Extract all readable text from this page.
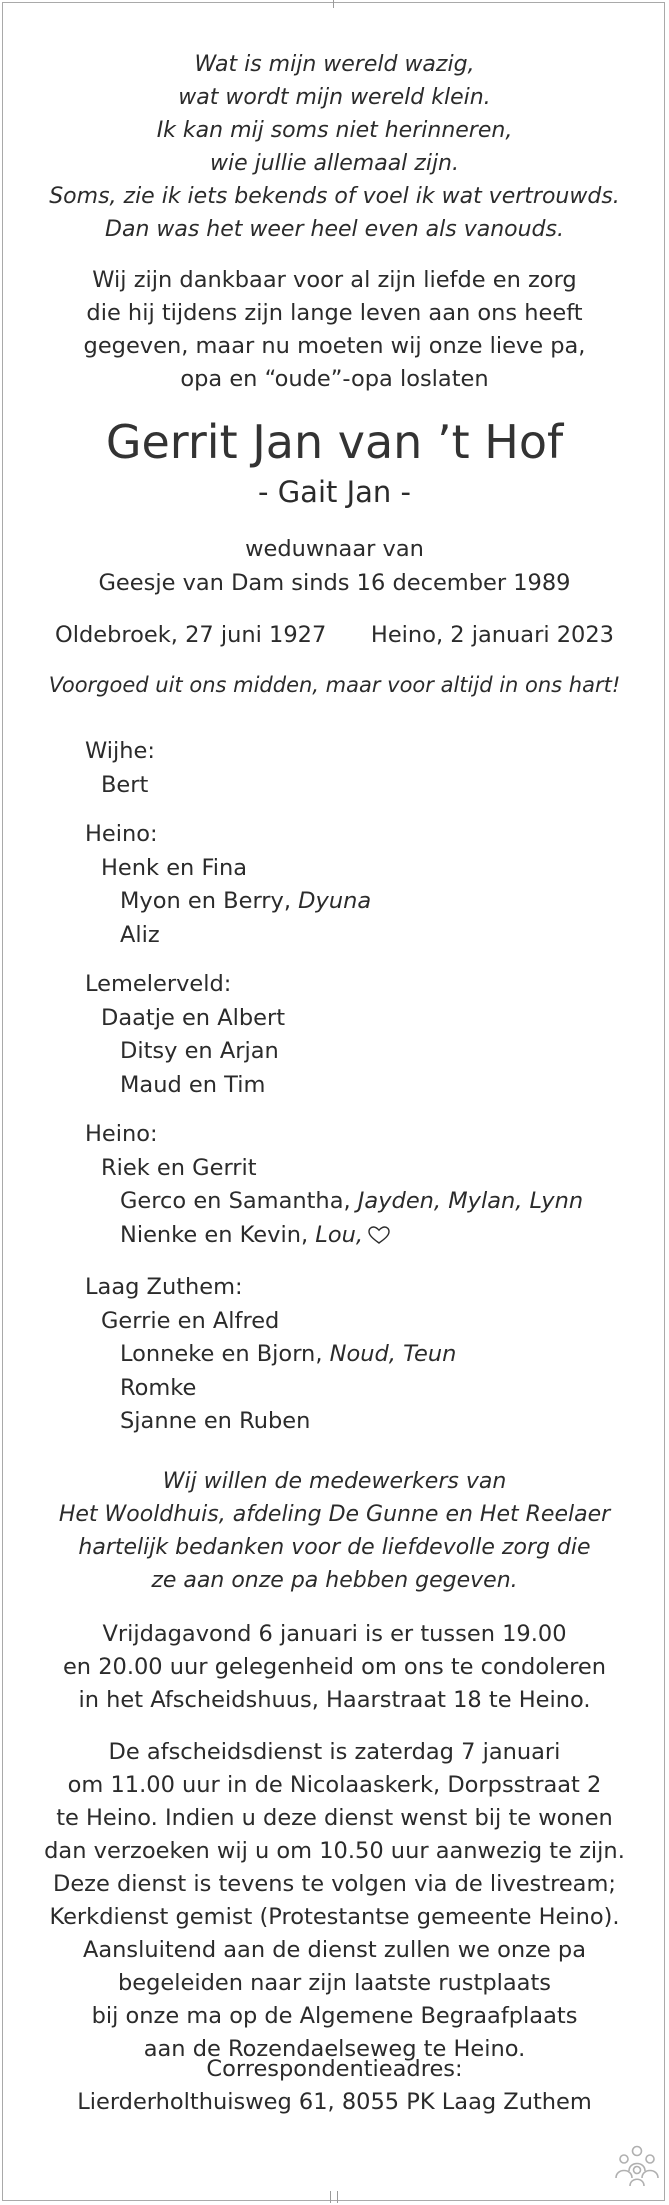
Wat is mijn wereld wazig,
wat wordt mijn wereld klein.
Ik kan mij soms niet herinneren,
wie jullie allemaal zijn.
Soms, zie ik iets bekends of voel ik wat vertrouwds.
Dan was het weer heel even als vanouds.
Wij zijn dankbaar voor al zijn liefde en zorg
die hij tijdens zijn lange leven aan ons heeft
gegeven, maar nu moeten wij onze lieve pa,
opa en “oude”-opa loslaten
Gerrit Jan van ’t Hof
- Gait Jan -
weduwnaar van
Geesje van Dam sinds 16 december 1989
Oldebroek, 27 juni 1927 Heino, 2 januari 2023
Voorgoed uit ons midden, maar voor altijd in ons hart!
Wijhe:
Bert
Heino:
Henk en Fina
Myon en Berry, Dyuna
Aliz
Lemelerveld:
Daatje en Albert
Ditsy en Arjan
Maud en Tim
Heino:
Riek en Gerrit
Gerco en Samantha, Jayden, Mylan, Lynn
Nienke en Kevin, Lou,
Laag Zuthem:
Gerrie en Alfred
Lonneke en Bjorn, Noud, Teun
Romke
Sjanne en Ruben
Wij willen de medewerkers van
Het Wooldhuis, afdeling De Gunne en Het Reelaer
hartelijk bedanken voor de liefdevolle zorg die
ze aan onze pa hebben gegeven.
Vrijdagavond 6 januari is er tussen 19.00
en 20.00 uur gelegenheid om ons te condoleren
in het Afscheidshuus, Haarstraat 18 te Heino.
De afscheidsdienst is zaterdag 7 januari
om 11.00 uur in de Nicolaaskerk, Dorpsstraat 2
te Heino. Indien u deze dienst wenst bij te wonen
dan verzoeken wij u om 10.50 uur aanwezig te zijn.
Deze dienst is tevens te volgen via de livestream;
Kerkdienst gemist (Protestantse gemeente Heino).
Aansluitend aan de dienst zullen we onze pa
begeleiden naar zijn laatste rustplaats
bij onze ma op de Algemene Begraafplaats
aan de Rozendaelseweg te Heino.
Correspondentieadres:
Lierderholthuisweg 61, 8055 PK Laag Zuthem
